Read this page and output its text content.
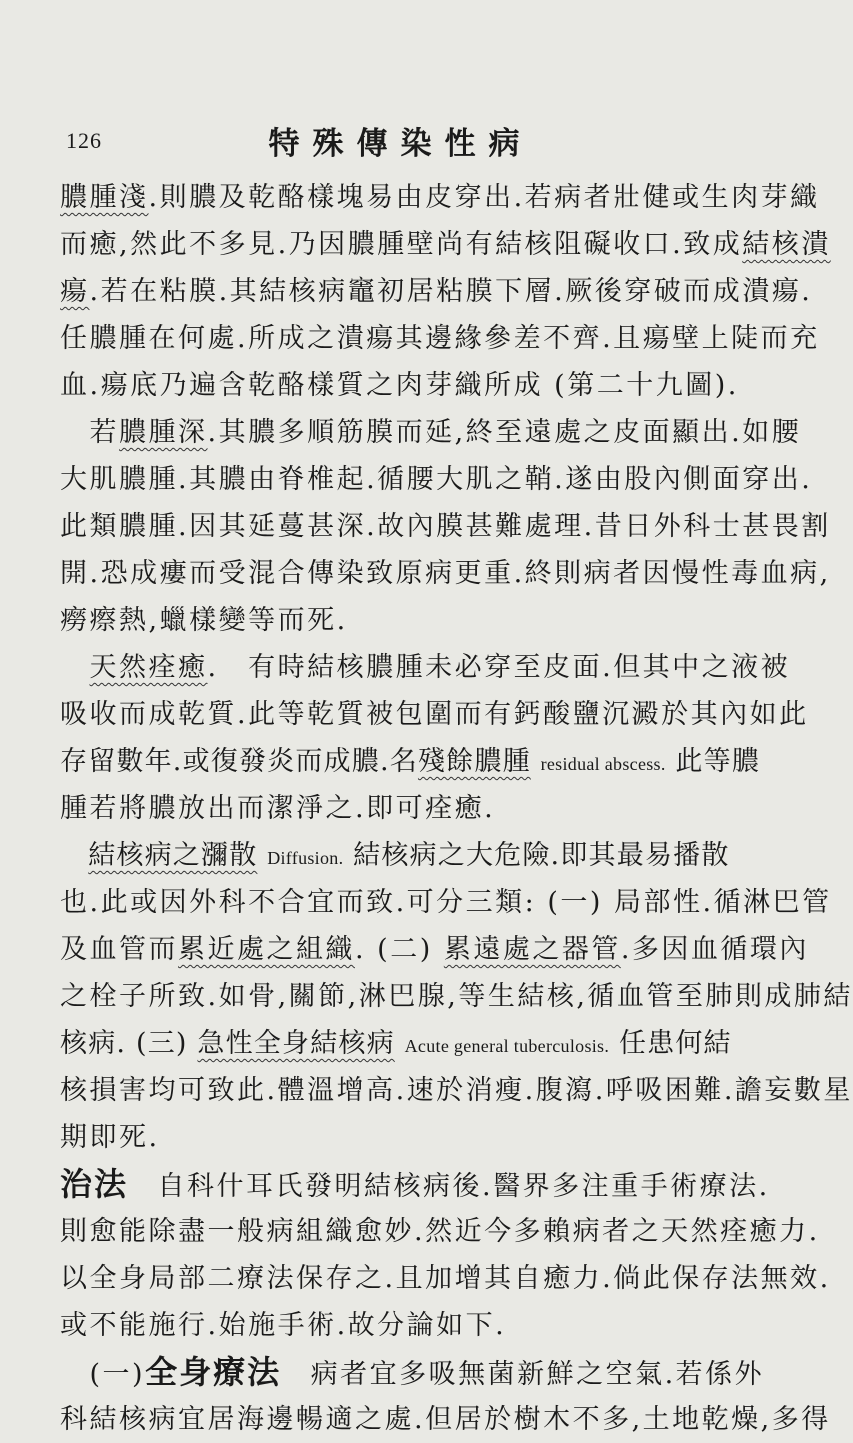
126	特殊傳染性病
膿腫淺.則膿及乾酪樣塊易由皮穿出.若病者壯健或生肉芽織
而癒,然此不多見.乃因膿腫壁尚有結核阻礙收口.致成結核潰
瘍.若在粘膜.其結核病竈初居粘膜下層.厥後穿破而成潰瘍.
任膿腫在何處.所成之潰瘍其邊緣參差不齊.且瘍壁上陡而充
血.瘍底乃遍含乾酪樣質之肉芽織所成 (第二十九圖).
　若膿腫深.其膿多順筋膜而延,終至遠處之皮面顯出.如腰
大肌膿腫.其膿由脊椎起.循腰大肌之鞘.遂由股內側面穿出.
此類膿腫.因其延蔓甚深.故內膜甚難處理.昔日外科士甚畏割
開.恐成瘻而受混合傳染致原病更重.終則病者因慢性毒血病,
癆瘵熱,蠟樣變等而死.
　天然痊癒.　有時結核膿腫未必穿至皮面.但其中之液被
吸收而成乾質.此等乾質被包圍而有鈣酸鹽沉澱於其內如此
存留數年.或復發炎而成膿.名殘餘膿腫 residual abscess. 此等膿
腫若將膿放出而潔淨之.即可痊癒.
　結核病之瀰散 Diffusion. 結核病之大危險.即其最易播散
也.此或因外科不合宜而致.可分三類: (一) 局部性.循淋巴管
及血管而累近處之組織. (二) 累遠處之器管.多因血循環內
之栓子所致.如骨,關節,淋巴腺,等生結核,循血管至肺則成肺結
核病. (三) 急性全身結核病 Acute general tuberculosis. 任患何結
核損害均可致此.體溫增高.速於消瘦.腹瀉.呼吸困難.譫妄數星
期即死.
治法　自科什耳氏發明結核病後.醫界多注重手術療法.
則愈能除盡一般病組織愈妙.然近今多賴病者之天然痊癒力.
以全身局部二療法保存之.且加增其自癒力.倘此保存法無效.
或不能施行.始施手術.故分論如下.
　(一)全身療法　病者宜多吸無菌新鮮之空氣.若係外
科結核病宜居海邊暢適之處.但居於樹木不多,土地乾燥,多得
